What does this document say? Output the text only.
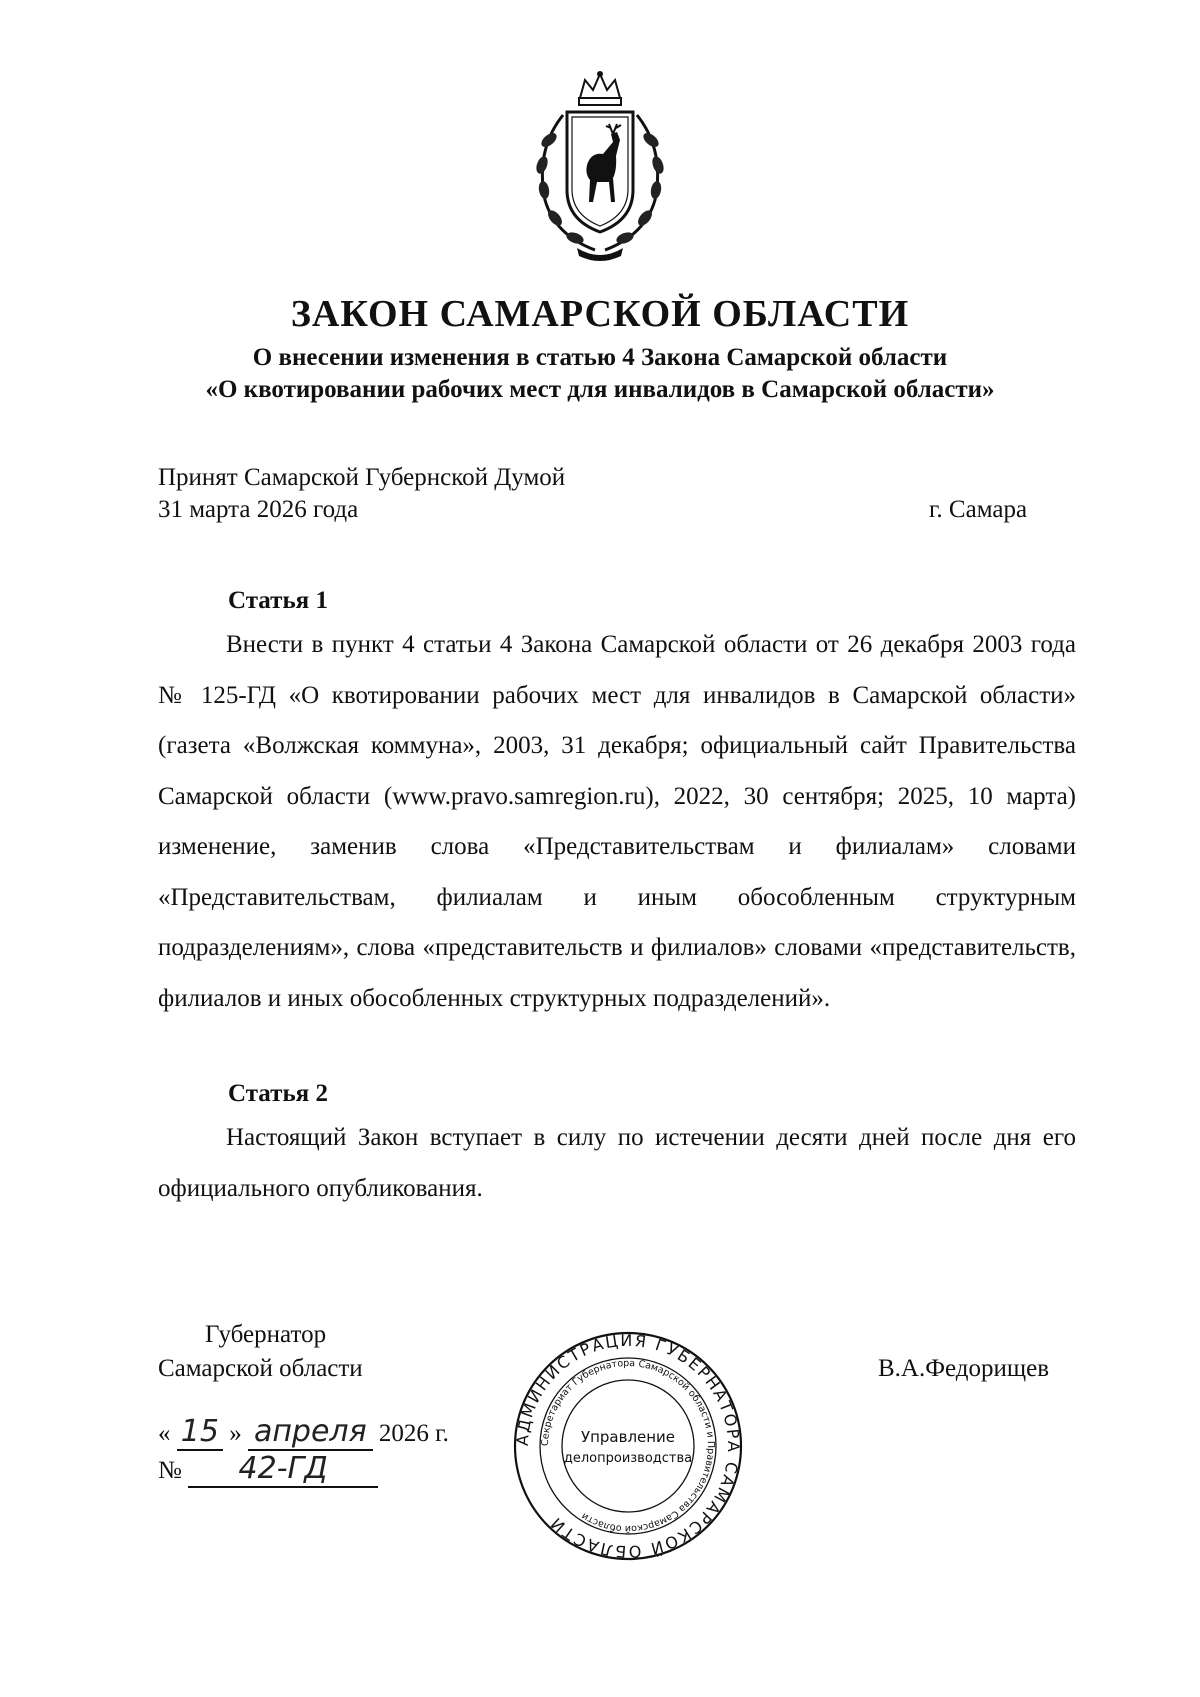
ЗАКОН САМАРСКОЙ ОБЛАСТИ
О внесении изменения в статью 4 Закона Самарской области
«О квотировании рабочих мест для инвалидов в Самарской области»
Принят Самарской Губернской Думой
31 марта 2026 года	г. Самара
Статья 1

Внести в пункт 4 статьи 4 Закона Самарской области от 26 декабря 2003 года № 125-ГД «О квотировании рабочих мест для инвалидов в Самарской области» (газета «Волжская коммуна», 2003, 31 декабря; официальный сайт Правительства Самарской области (www.pravo.samregion.ru), 2022, 30 сентября; 2025, 10 марта) изменение, заменив слова «Представительствам и филиалам» словами «Представительствам, филиалам и иным обособленным структурным подразделениям», слова «представительств и филиалов» словами «представительств, филиалов и иных обособленных структурных подразделений».

Статья 2

Настоящий Закон вступает в силу по истечении десяти дней после дня его официального опубликования.

Губернатор
Самарской области	В.А.Федорищев
« 15 » апреля 2026 г.
№ 42-ГД
АДМИНИСТРАЦИЯ ГУБЕРНАТОРА САМАРСКОЙ ОБЛАСТИ
Секретариат Губернатора Самарской области и Правительства Самарской области
Управление
делопроизводства
